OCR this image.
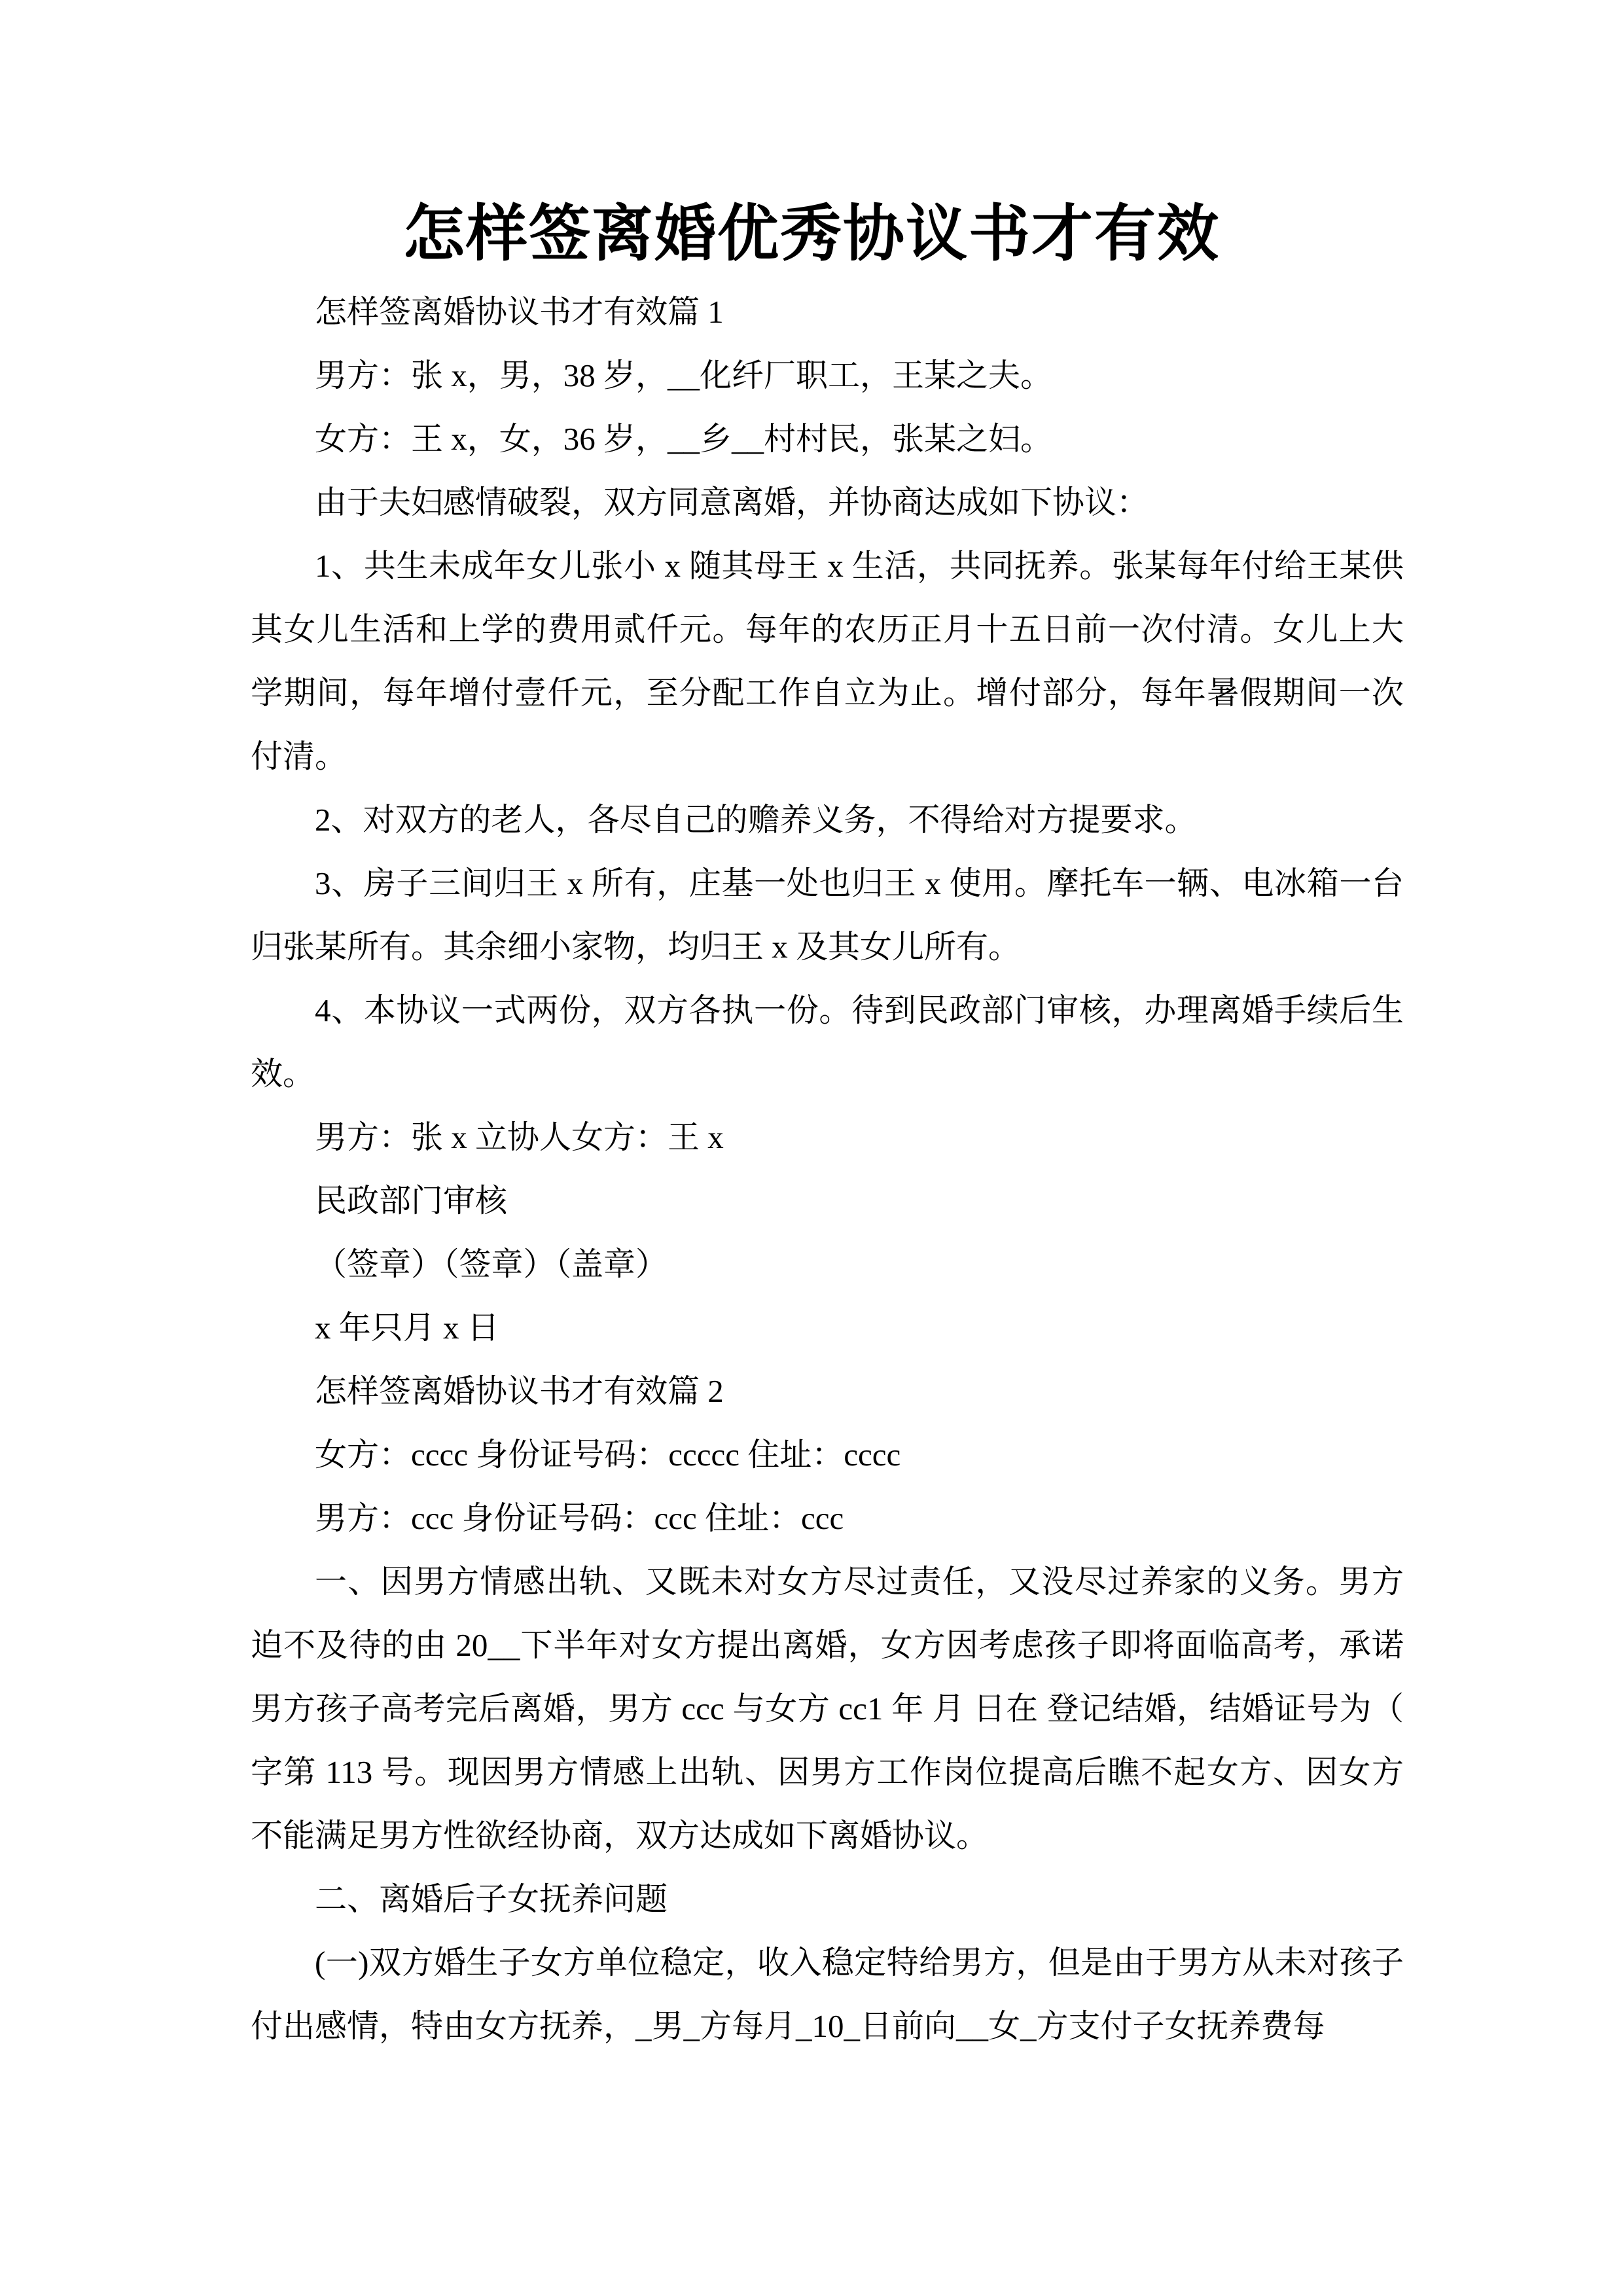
怎样签离婚优秀协议书才有效

怎样签离婚协议书才有效篇 1

男方：张 x，男，38 岁，__化纤厂职工，王某之夫。

女方：王 x，女，36 岁，__乡__村村民，张某之妇。

由于夫妇感情破裂，双方同意离婚，并协商达成如下协议：

1、共生未成年女儿张小 x 随其母王 x 生活，共同抚养。张某每年付给王某供其女儿生活和上学的费用贰仟元。每年的农历正月十五日前一次付清。女儿上大学期间，每年增付壹仟元，至分配工作自立为止。增付部分，每年暑假期间一次付清。

2、对双方的老人，各尽自己的赡养义务，不得给对方提要求。

3、房子三间归王 x 所有，庄基一处也归王 x 使用。摩托车一辆、电冰箱一台归张某所有。其余细小家物，均归王 x 及其女儿所有。

4、本协议一式两份，双方各执一份。待到民政部门审核，办理离婚手续后生效。

男方：张 x 立协人女方：王 x

民政部门审核

（签章）（签章）（盖章）

x 年只月 x 日

怎样签离婚协议书才有效篇 2

女方：cccc 身份证号码：ccccc 住址：cccc

男方：ccc 身份证号码：ccc 住址：ccc

一、因男方情感出轨、又既未对女方尽过责任，又没尽过养家的义务。男方迫不及待的由 20__下半年对女方提出离婚，女方因考虑孩子即将面临高考，承诺男方孩子高考完后离婚，男方 ccc 与女方 cc1 年 月 日在 登记结婚，结婚证号为（ 字第 113 号。现因男方情感上出轨、因男方工作岗位提高后瞧不起女方、因女方不能满足男方性欲经协商，双方达成如下离婚协议。

二、离婚后子女抚养问题

(一)双方婚生子女方单位稳定，收入稳定特给男方，但是由于男方从未对孩子付出感情，特由女方抚养，_男_方每月_10_日前向__女_方支付子女抚养费每
